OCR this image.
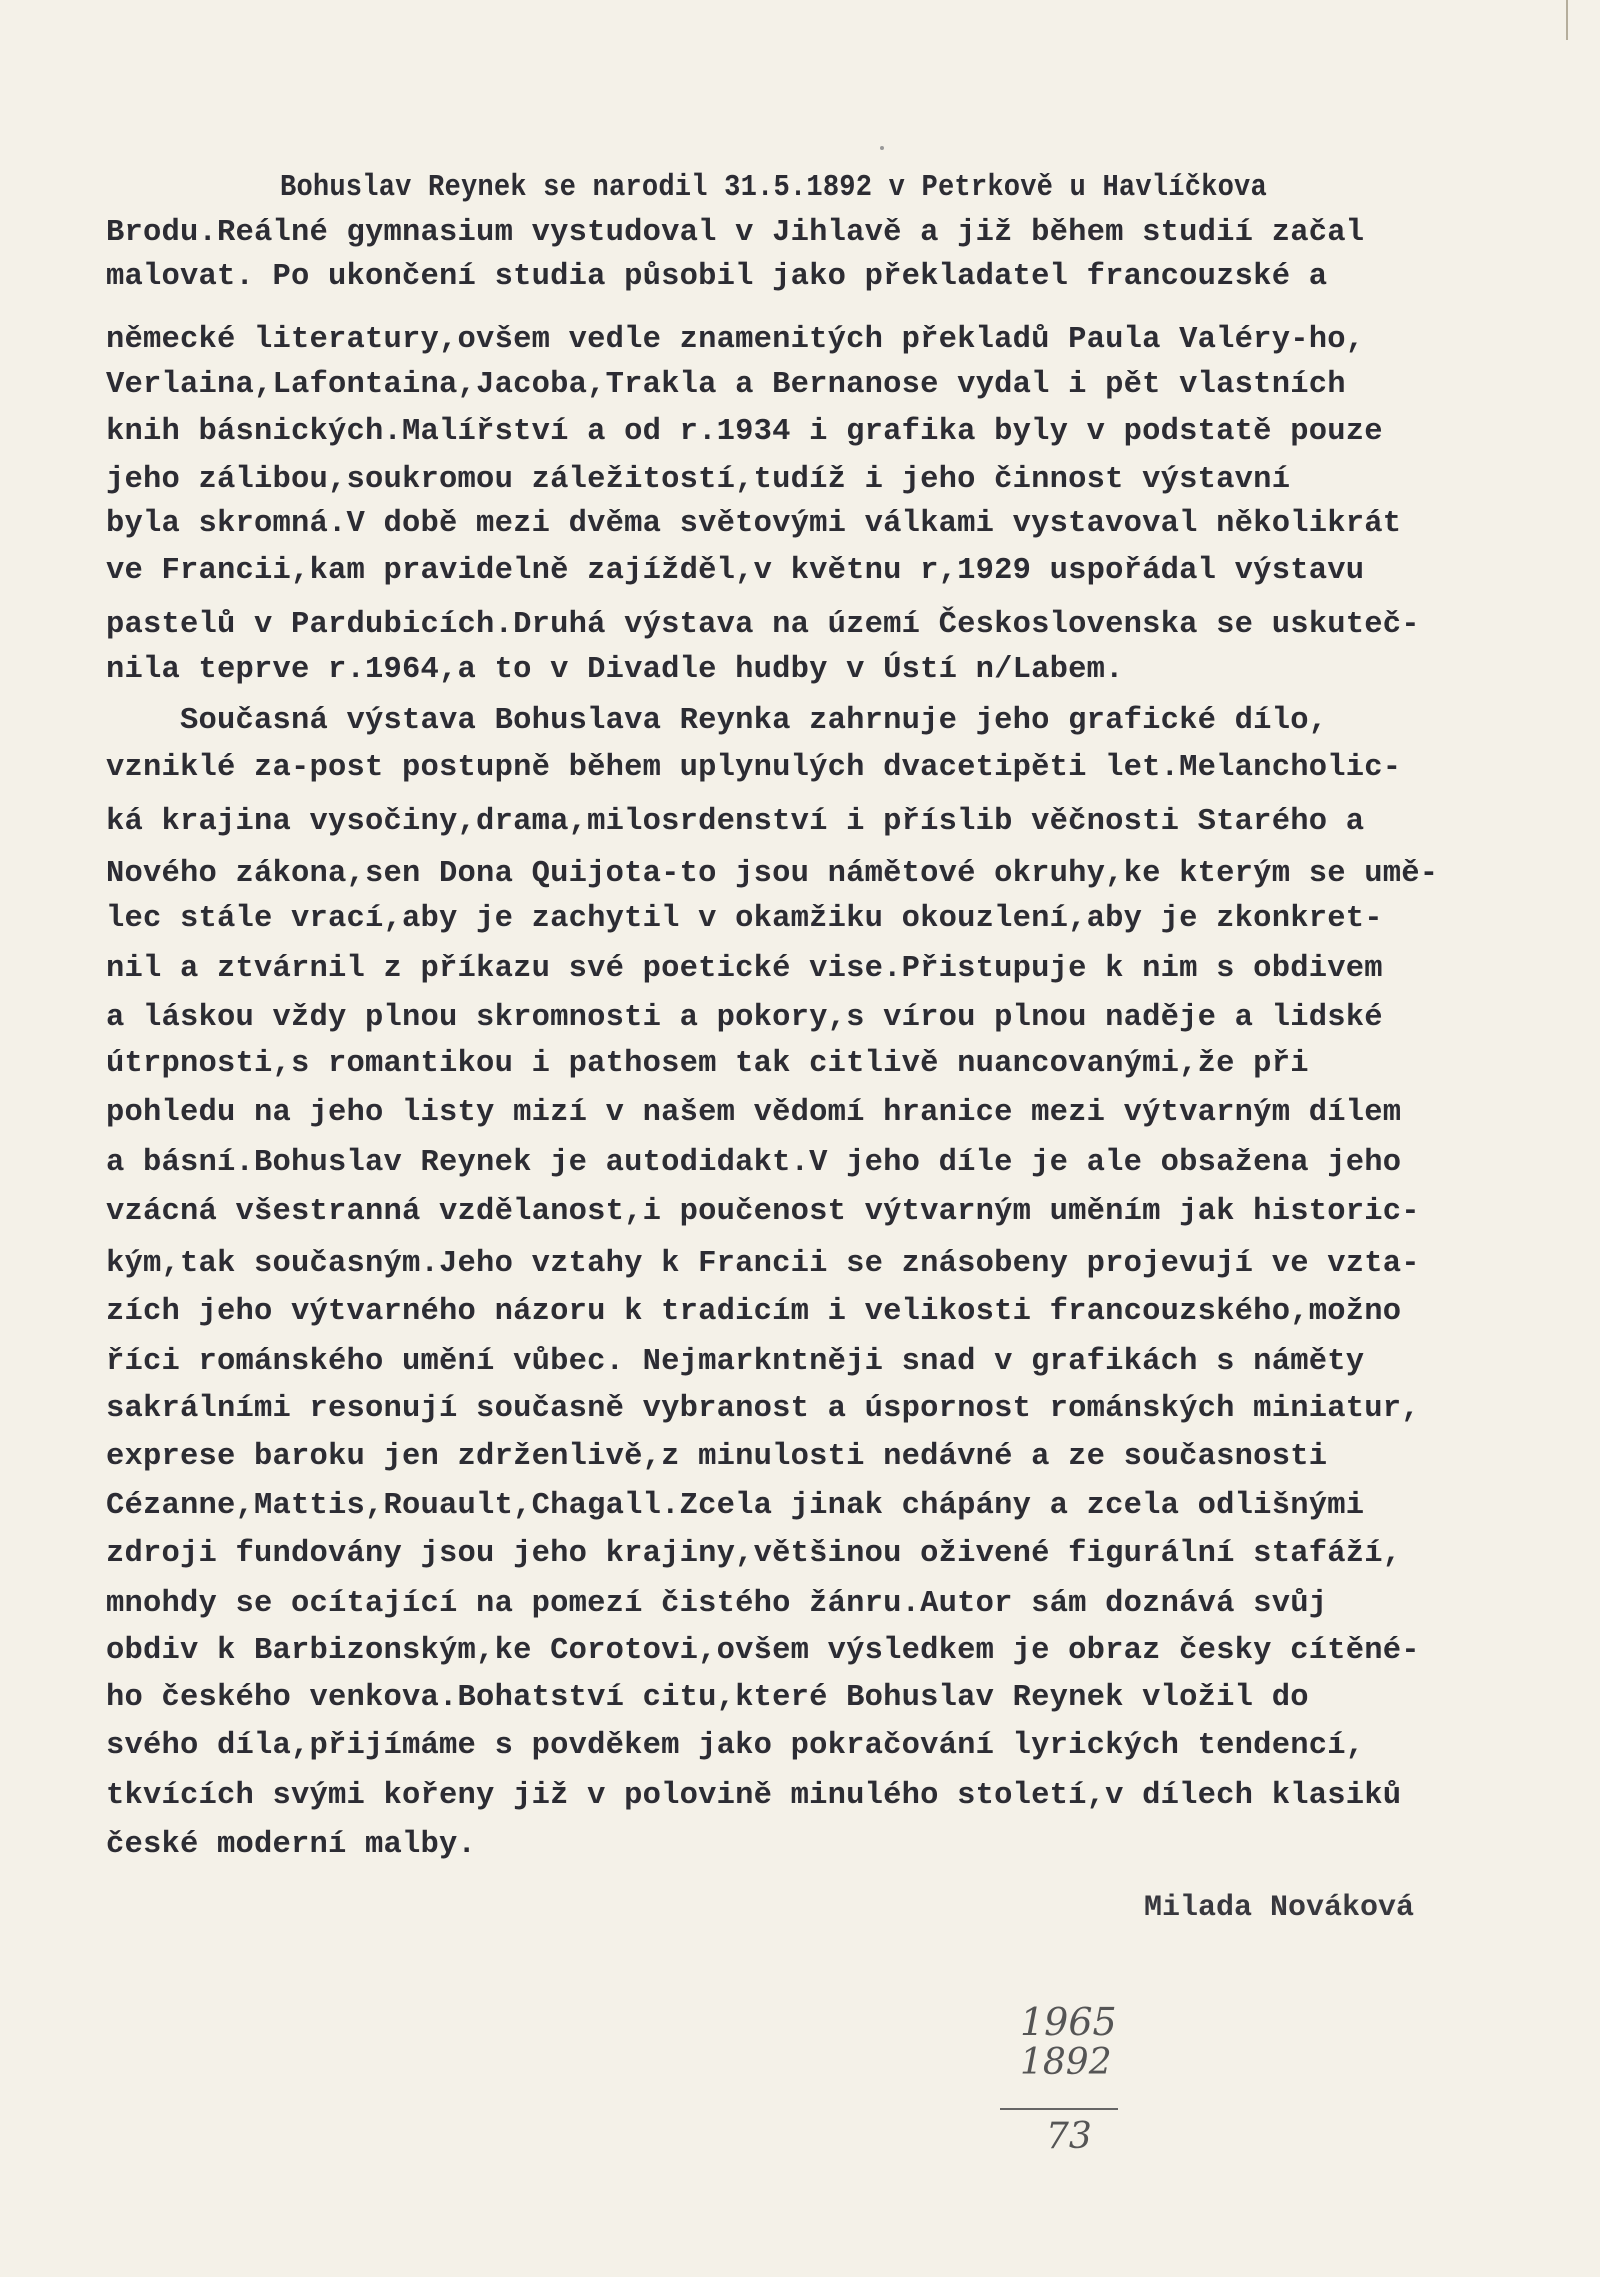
Bohuslav Reynek se narodil 31.5.1892 v Petrkově u Havlíčkova
Brodu.Reálné gymnasium vystudoval v Jihlavě a již během studií začal
malovat. Po ukončení studia působil jako překladatel francouzské a
německé literatury,ovšem vedle znamenitých překladů Paula Valéry-ho,
Verlaina,Lafontaina,Jacoba,Trakla a Bernanose vydal i pět vlastních
knih básnických.Malířství a od r.1934 i grafika byly v podstatě pouze
jeho zálibou,soukromou záležitostí,tudíž i jeho činnost výstavní
byla skromná.V době mezi dvěma světovými válkami vystavoval několikrát
ve Francii,kam pravidelně zajížděl,v květnu r,1929 uspořádal výstavu
pastelů v Pardubicích.Druhá výstava na území Československa se uskuteč-
nila teprve r.1964,a to v Divadle hudby v Ústí n/Labem.
Současná výstava Bohuslava Reynka zahrnuje jeho grafické dílo,
vzniklé za-post postupně během uplynulých dvacetipěti let.Melancholic-
ká krajina vysočiny,drama,milosrdenství i příslib věčnosti Starého a
Nového zákona,sen Dona Quijota-to jsou námětové okruhy,ke kterým se umě-
lec stále vrací,aby je zachytil v okamžiku okouzlení,aby je zkonkret-
nil a ztvárnil z příkazu své poetické vise.Přistupuje k nim s obdivem
a láskou vždy plnou skromnosti a pokory,s vírou plnou naděje a lidské
útrpnosti,s romantikou i pathosem tak citlivě nuancovanými,že při
pohledu na jeho listy mizí v našem vědomí hranice mezi výtvarným dílem
a básní.Bohuslav Reynek je autodidakt.V jeho díle je ale obsažena jeho
vzácná všestranná vzdělanost,i poučenost výtvarným uměním jak historic-
kým,tak současným.Jeho vztahy k Francii se znásobeny projevují ve vzta-
zích jeho výtvarného názoru k tradicím i velikosti francouzského,možno
říci románského umění vůbec. Nejmarkntněji snad v grafikách s náměty
sakrálními resonují současně vybranost a úspornost románských miniatur,
exprese baroku jen zdrženlivě,z minulosti nedávné a ze současnosti
Cézanne,Mattis,Rouault,Chagall.Zcela jinak chápány a zcela odlišnými
zdroji fundovány jsou jeho krajiny,většinou oživené figurální stafáží,
mnohdy se ocítající na pomezí čistého žánru.Autor sám doznává svůj
obdiv k Barbizonským,ke Corotovi,ovšem výsledkem je obraz česky cítěné-
ho českého venkova.Bohatství citu,které Bohuslav Reynek vložil do
svého díla,přijímáme s povděkem jako pokračování lyrických tendencí,
tkvících svými kořeny již v polovině minulého století,v dílech klasiků
české moderní malby.
Milada Nováková
1965
1892
73
